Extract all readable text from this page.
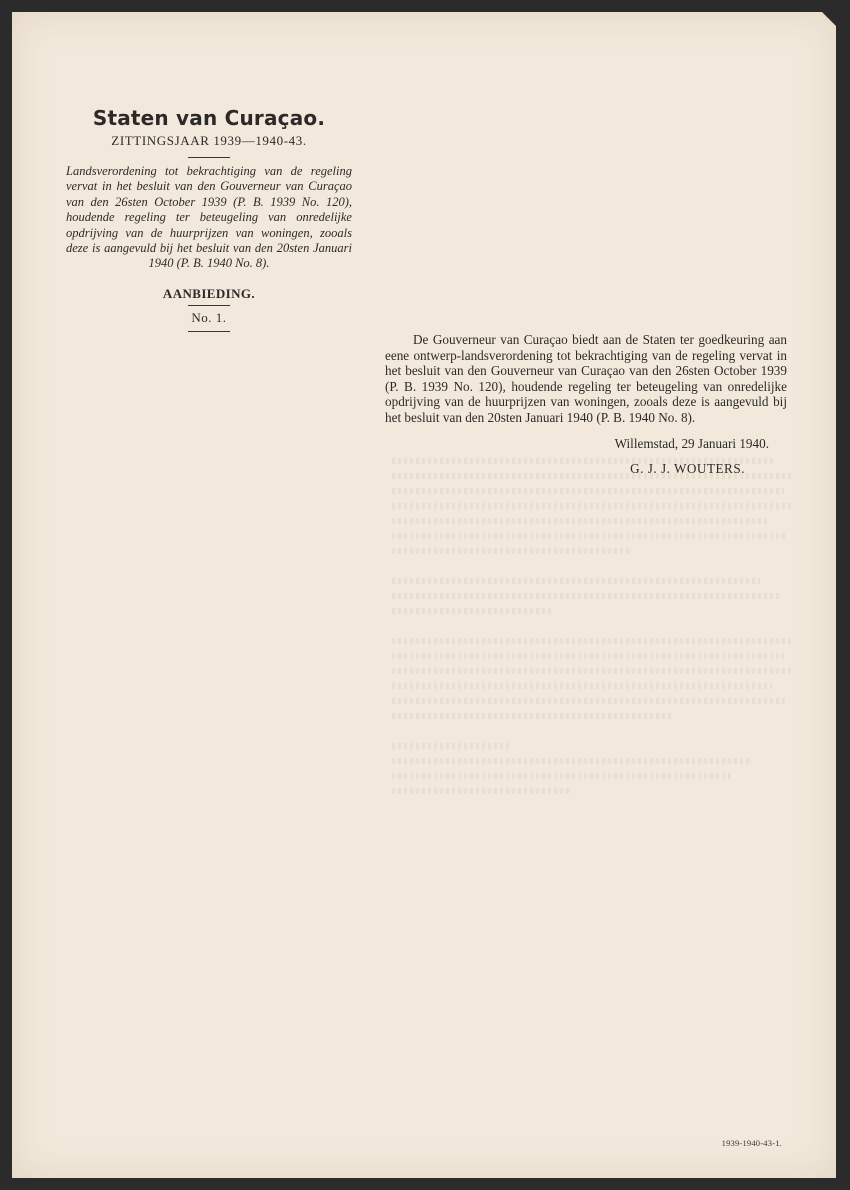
Staten van Curaçao.
ZITTINGSJAAR 1939—1940-43.

Landsverordening tot bekrachtiging van de regeling vervat in het besluit van den Gouverneur van Curaçao van den 26sten October 1939 (P. B. 1939 No. 120), houdende regeling ter beteugeling van onredelijke opdrijving van de huurprijzen van woningen, zooals deze is aangevuld bij het besluit van den 20sten Januari 1940 (P. B. 1940 No. 8).

AANBIEDING.
No. 1.

De Gouverneur van Curaçao biedt aan de Staten ter goedkeuring aan eene ontwerp-landsverordening tot bekrachtiging van de regeling vervat in het besluit van den Gouverneur van Curaçao van den 26sten October 1939 (P. B. 1939 No. 120), houdende regeling ter beteugeling van onredelijke opdrijving van de huurprijzen van woningen, zooals deze is aangevuld bij het besluit van den 20sten Januari 1940 (P. B. 1940 No. 8).

Willemstad, 29 Januari 1940.

G. J. J. WOUTERS.

1939-1940-43-1.
